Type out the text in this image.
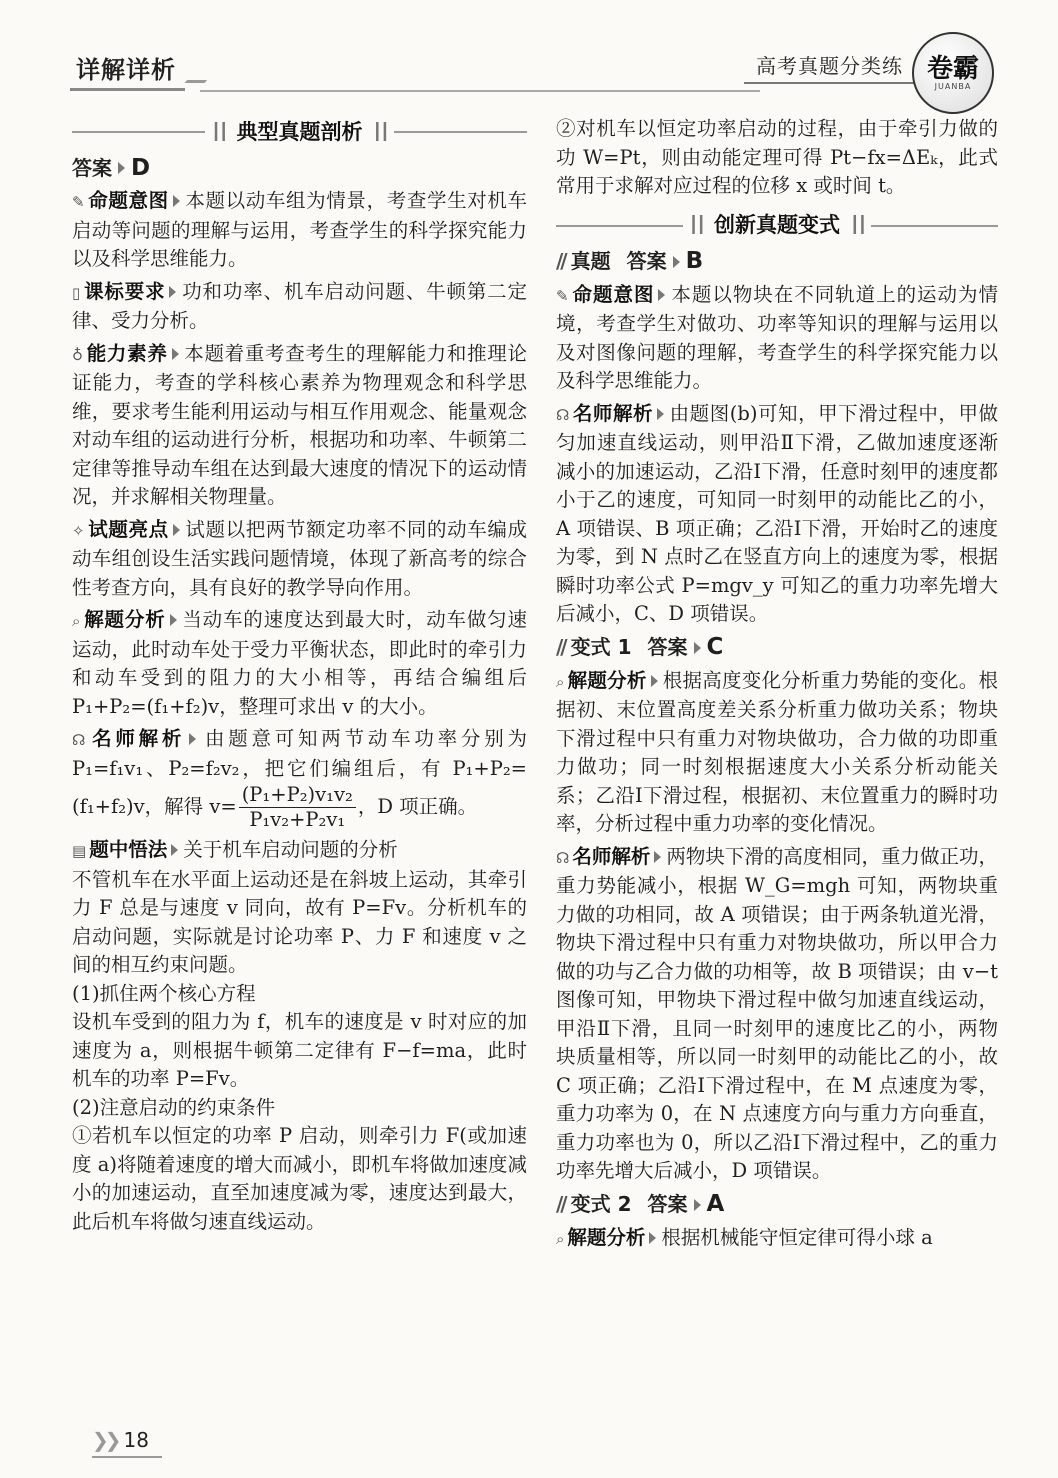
详解详析	高考真题分类练 卷霸
JUANBA
┃┃ 典型真题剖析 ┃┃
答案 D

✎ 命题意图 本题以动车组为情景，考查学生对机车启动等问题的理解与运用，考查学生的科学探究能力以及科学思维能力。

▯ 课标要求 功和功率、机车启动问题、牛顿第二定律、受力分析。

♁ 能力素养 本题着重考查考生的理解能力和推理论证能力，考查的学科核心素养为物理观念和科学思维，要求考生能利用运动与相互作用观念、能量观念对动车组的运动进行分析，根据功和功率、牛顿第二定律等推导动车组在达到最大速度的情况下的运动情况，并求解相关物理量。

✧ 试题亮点 试题以把两节额定功率不同的动车编成动车组创设生活实践问题情境，体现了新高考的综合性考查方向，具有良好的教学导向作用。

⌕ 解题分析 当动车的速度达到最大时，动车做匀速运动，此时动车处于受力平衡状态，即此时的牵引力和动车受到的阻力的大小相等，再结合编组后 P₁+P₂=(f₁+f₂)v，整理可求出 v 的大小。

☊ 名师解析 由题意可知两节动车功率分别为 P₁=f₁v₁、P₂=f₂v₂，把它们编组后，有 P₁+P₂=(f₁+f₂)v，解得 $v= \frac{\text{(P₁+P₂)v₁v₂}}{\text{P₁v₂+P₂v₁}}$ ，D 项正确。

▤ 题中悟法 关于机车启动问题的分析

不管机车在水平面上运动还是在斜坡上运动，其牵引力 F 总是与速度 v 同向，故有 P=Fv。分析机车的启动问题，实际就是讨论功率 P、力 F 和速度 v 之间的相互约束问题。

(1)抓住两个核心方程

设机车受到的阻力为 f，机车的速度是 v 时对应的加速度为 a，则根据牛顿第二定律有 F−f=ma，此时机车的功率 P=Fv。

(2)注意启动的约束条件

①若机车以恒定的功率 P 启动，则牵引力 F(或加速度 a)将随着速度的增大而减小，即机车将做加速度减小的加速运动，直至加速度减为零，速度达到最大，此后机车将做匀速直线运动。

②对机车以恒定功率启动的过程，由于牵引力做的功 W=Pt，则由动能定理可得 Pt−fx=ΔEₖ，此式常用于求解对应过程的位移 x 或时间 t。

┃┃ 创新真题变式 ┃┃
// 真题 答案 B

✎ 命题意图 本题以物块在不同轨道上的运动为情境，考查学生对做功、功率等知识的理解与运用以及对图像问题的理解，考查学生的科学探究能力以及科学思维能力。

☊ 名师解析 由题图(b)可知，甲下滑过程中，甲做匀加速直线运动，则甲沿Ⅱ下滑，乙做加速度逐渐减小的加速运动，乙沿Ⅰ下滑，任意时刻甲的速度都小于乙的速度，可知同一时刻甲的动能比乙的小，A 项错误、B 项正确；乙沿Ⅰ下滑，开始时乙的速度为零，到 N 点时乙在竖直方向上的速度为零，根据瞬时功率公式 P=mgv_y 可知乙的重力功率先增大后减小，C、D 项错误。

// 变式 1 答案 C

⌕ 解题分析 根据高度变化分析重力势能的变化。根据初、末位置高度差关系分析重力做功关系；物块下滑过程中只有重力对物块做功，合力做的功即重力做功；同一时刻根据速度大小关系分析动能关系；乙沿Ⅰ下滑过程，根据初、末位置重力的瞬时功率，分析过程中重力功率的变化情况。

☊ 名师解析 两物块下滑的高度相同，重力做正功，重力势能减小，根据 W_G=mgh 可知，两物块重力做的功相同，故 A 项错误；由于两条轨道光滑，物块下滑过程中只有重力对物块做功，所以甲合力做的功与乙合力做的功相等，故 B 项错误；由 v−t 图像可知，甲物块下滑过程中做匀加速直线运动，甲沿Ⅱ下滑，且同一时刻甲的速度比乙的小，两物块质量相等，所以同一时刻甲的动能比乙的小，故 C 项正确；乙沿Ⅰ下滑过程中，在 M 点速度为零，重力功率为 0，在 N 点速度方向与重力方向垂直，重力功率也为 0，所以乙沿Ⅰ下滑过程中，乙的重力功率先增大后减小，D 项错误。

// 变式 2 答案 A

⌕ 解题分析 根据机械能守恒定律可得小球 a

❯❯ 18
